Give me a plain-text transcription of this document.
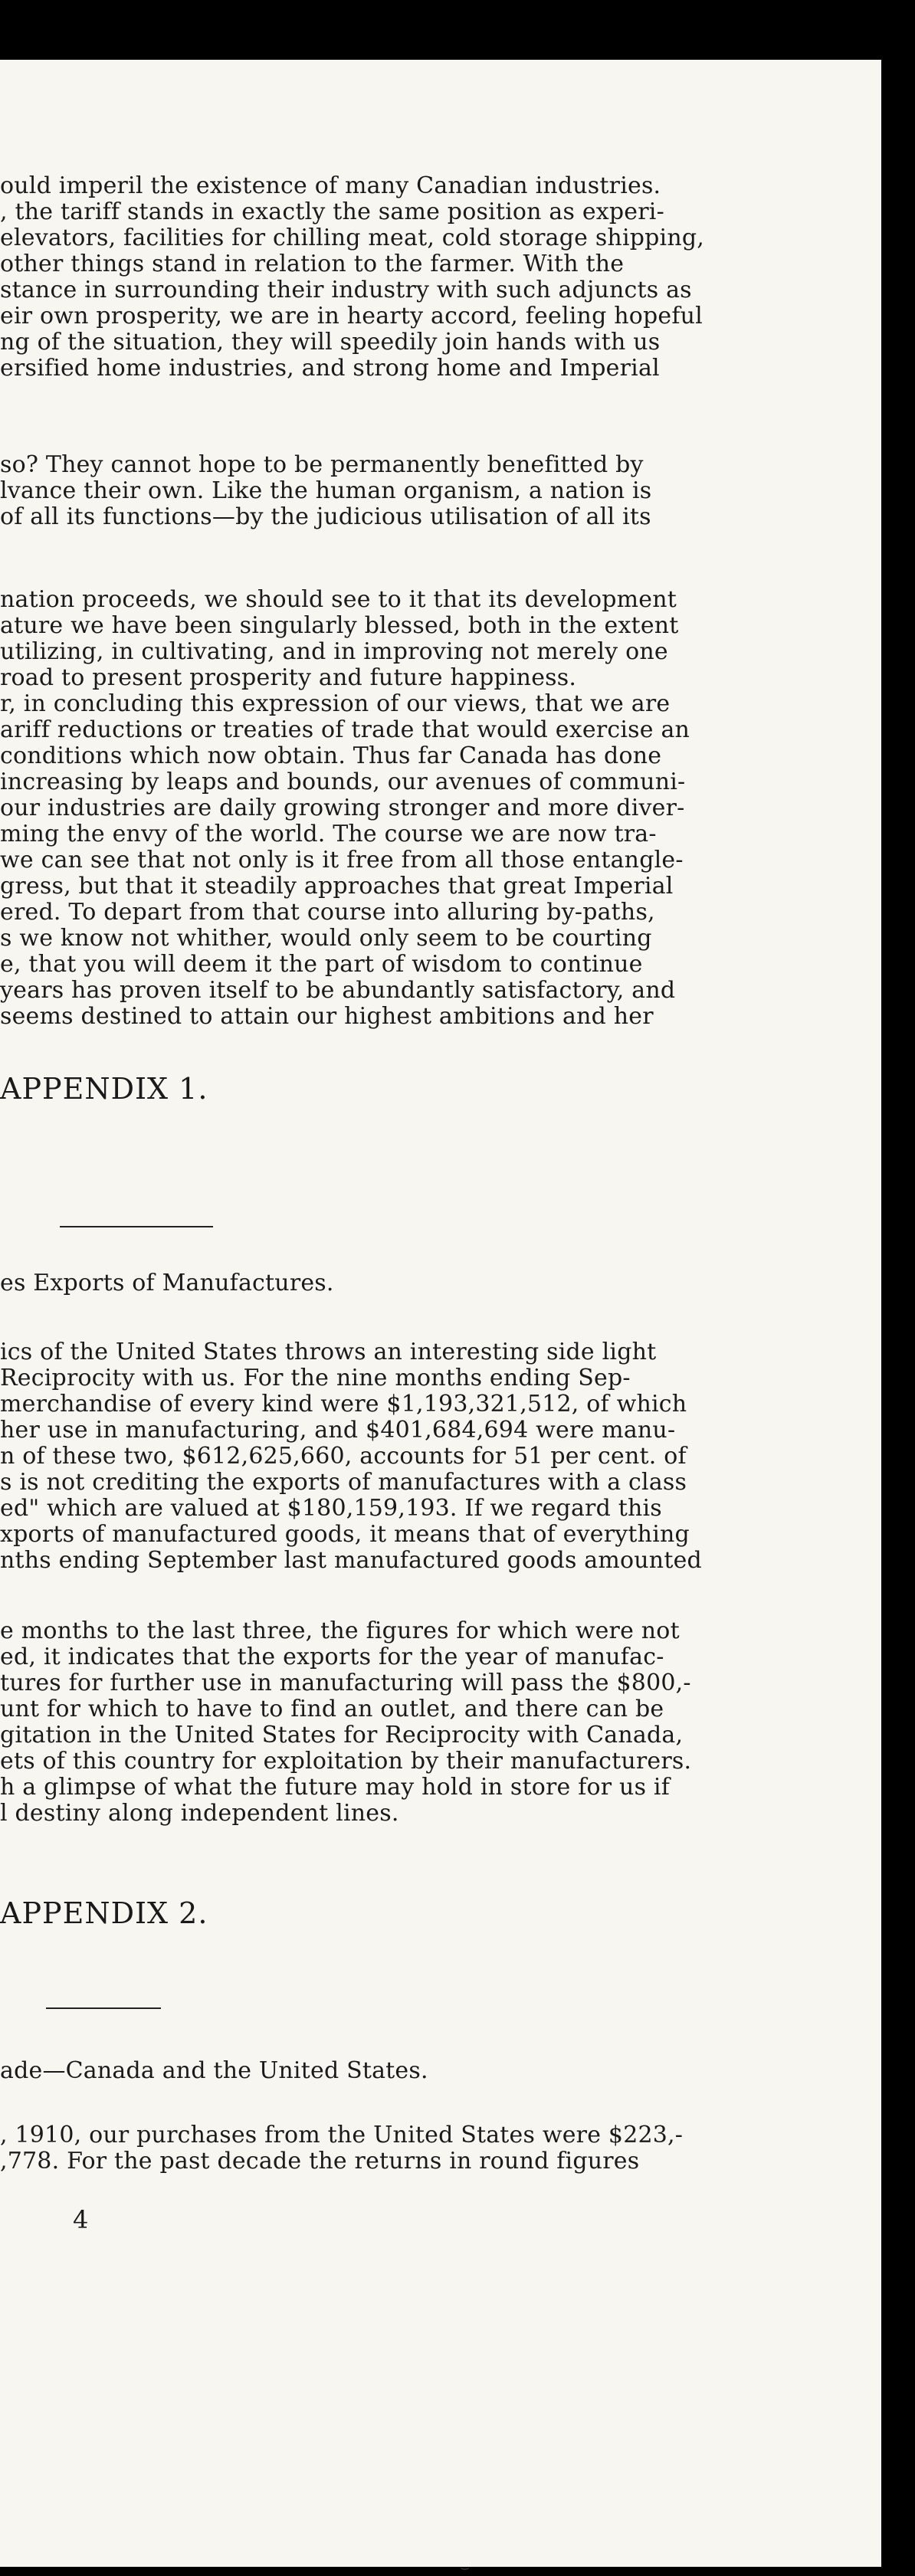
ould imperil the existence of many Canadian industries.
, the tariff stands in exactly the same position as experi-
elevators, facilities for chilling meat, cold storage shipping,
other things stand in relation to the farmer. With the
stance in surrounding their industry with such adjuncts as
eir own prosperity, we are in hearty accord, feeling hopeful
ng of the situation, they will speedily join hands with us
ersified home industries, and strong home and Imperial
so? They cannot hope to be permanently benefitted by
lvance their own. Like the human organism, a nation is
of all its functions—by the judicious utilisation of all its
nation proceeds, we should see to it that its development
ature we have been singularly blessed, both in the extent
utilizing, in cultivating, and in improving not merely one
road to present prosperity and future happiness.
r, in concluding this expression of our views, that we are
ariff reductions or treaties of trade that would exercise an
conditions which now obtain. Thus far Canada has done
increasing by leaps and bounds, our avenues of communi-
our industries are daily growing stronger and more diver-
ming the envy of the world. The course we are now tra-
we can see that not only is it free from all those entangle-
gress, but that it steadily approaches that great Imperial
ered. To depart from that course into alluring by-paths,
s we know not whither, would only seem to be courting
e, that you will deem it the part of wisdom to continue
years has proven itself to be abundantly satisfactory, and
seems destined to attain our highest ambitions and her
APPENDIX 1.
es Exports of Manufactures.
ics of the United States throws an interesting side light
Reciprocity with us. For the nine months ending Sep-
merchandise of every kind were $1,193,321,512, of which
her use in manufacturing, and $401,684,694 were manu-
n of these two, $612,625,660, accounts for 51 per cent. of
s is not crediting the exports of manufactures with a class
ed" which are valued at $180,159,193. If we regard this
xports of manufactured goods, it means that of everything
nths ending September last manufactured goods amounted
e months to the last three, the figures for which were not
ed, it indicates that the exports for the year of manufac-
tures for further use in manufacturing will pass the $800,-
unt for which to have to find an outlet, and there can be
gitation in the United States for Reciprocity with Canada,
ets of this country for exploitation by their manufacturers.
h a glimpse of what the future may hold in store for us if
l destiny along independent lines.
APPENDIX 2.
ade—Canada and the United States.
, 1910, our purchases from the United States were $223,-
,778. For the past decade the returns in round figures
4
⌣
